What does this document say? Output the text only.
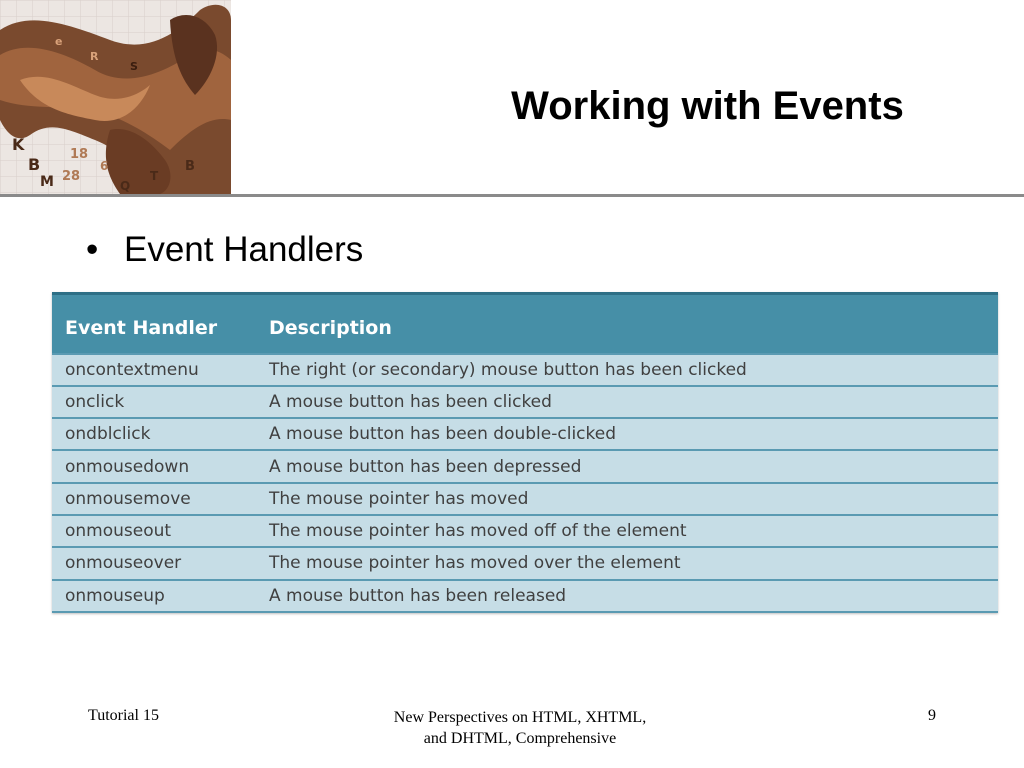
K
B
M 28
18
6
Q
T
B
e
R
S
Working with Events
• Event Handlers
Event Handler	Description
oncontextmenu	The right (or secondary) mouse button has been clicked
onclick	A mouse button has been clicked
ondblclick	A mouse button has been double-clicked
onmousedown	A mouse button has been depressed
onmousemove	The mouse pointer has moved
onmouseout	The mouse pointer has moved off of the element
onmouseover	The mouse pointer has moved over the element
onmouseup	A mouse button has been released
Tutorial 15	New Perspectives on HTML, XHTML,
and DHTML, Comprehensive
9
